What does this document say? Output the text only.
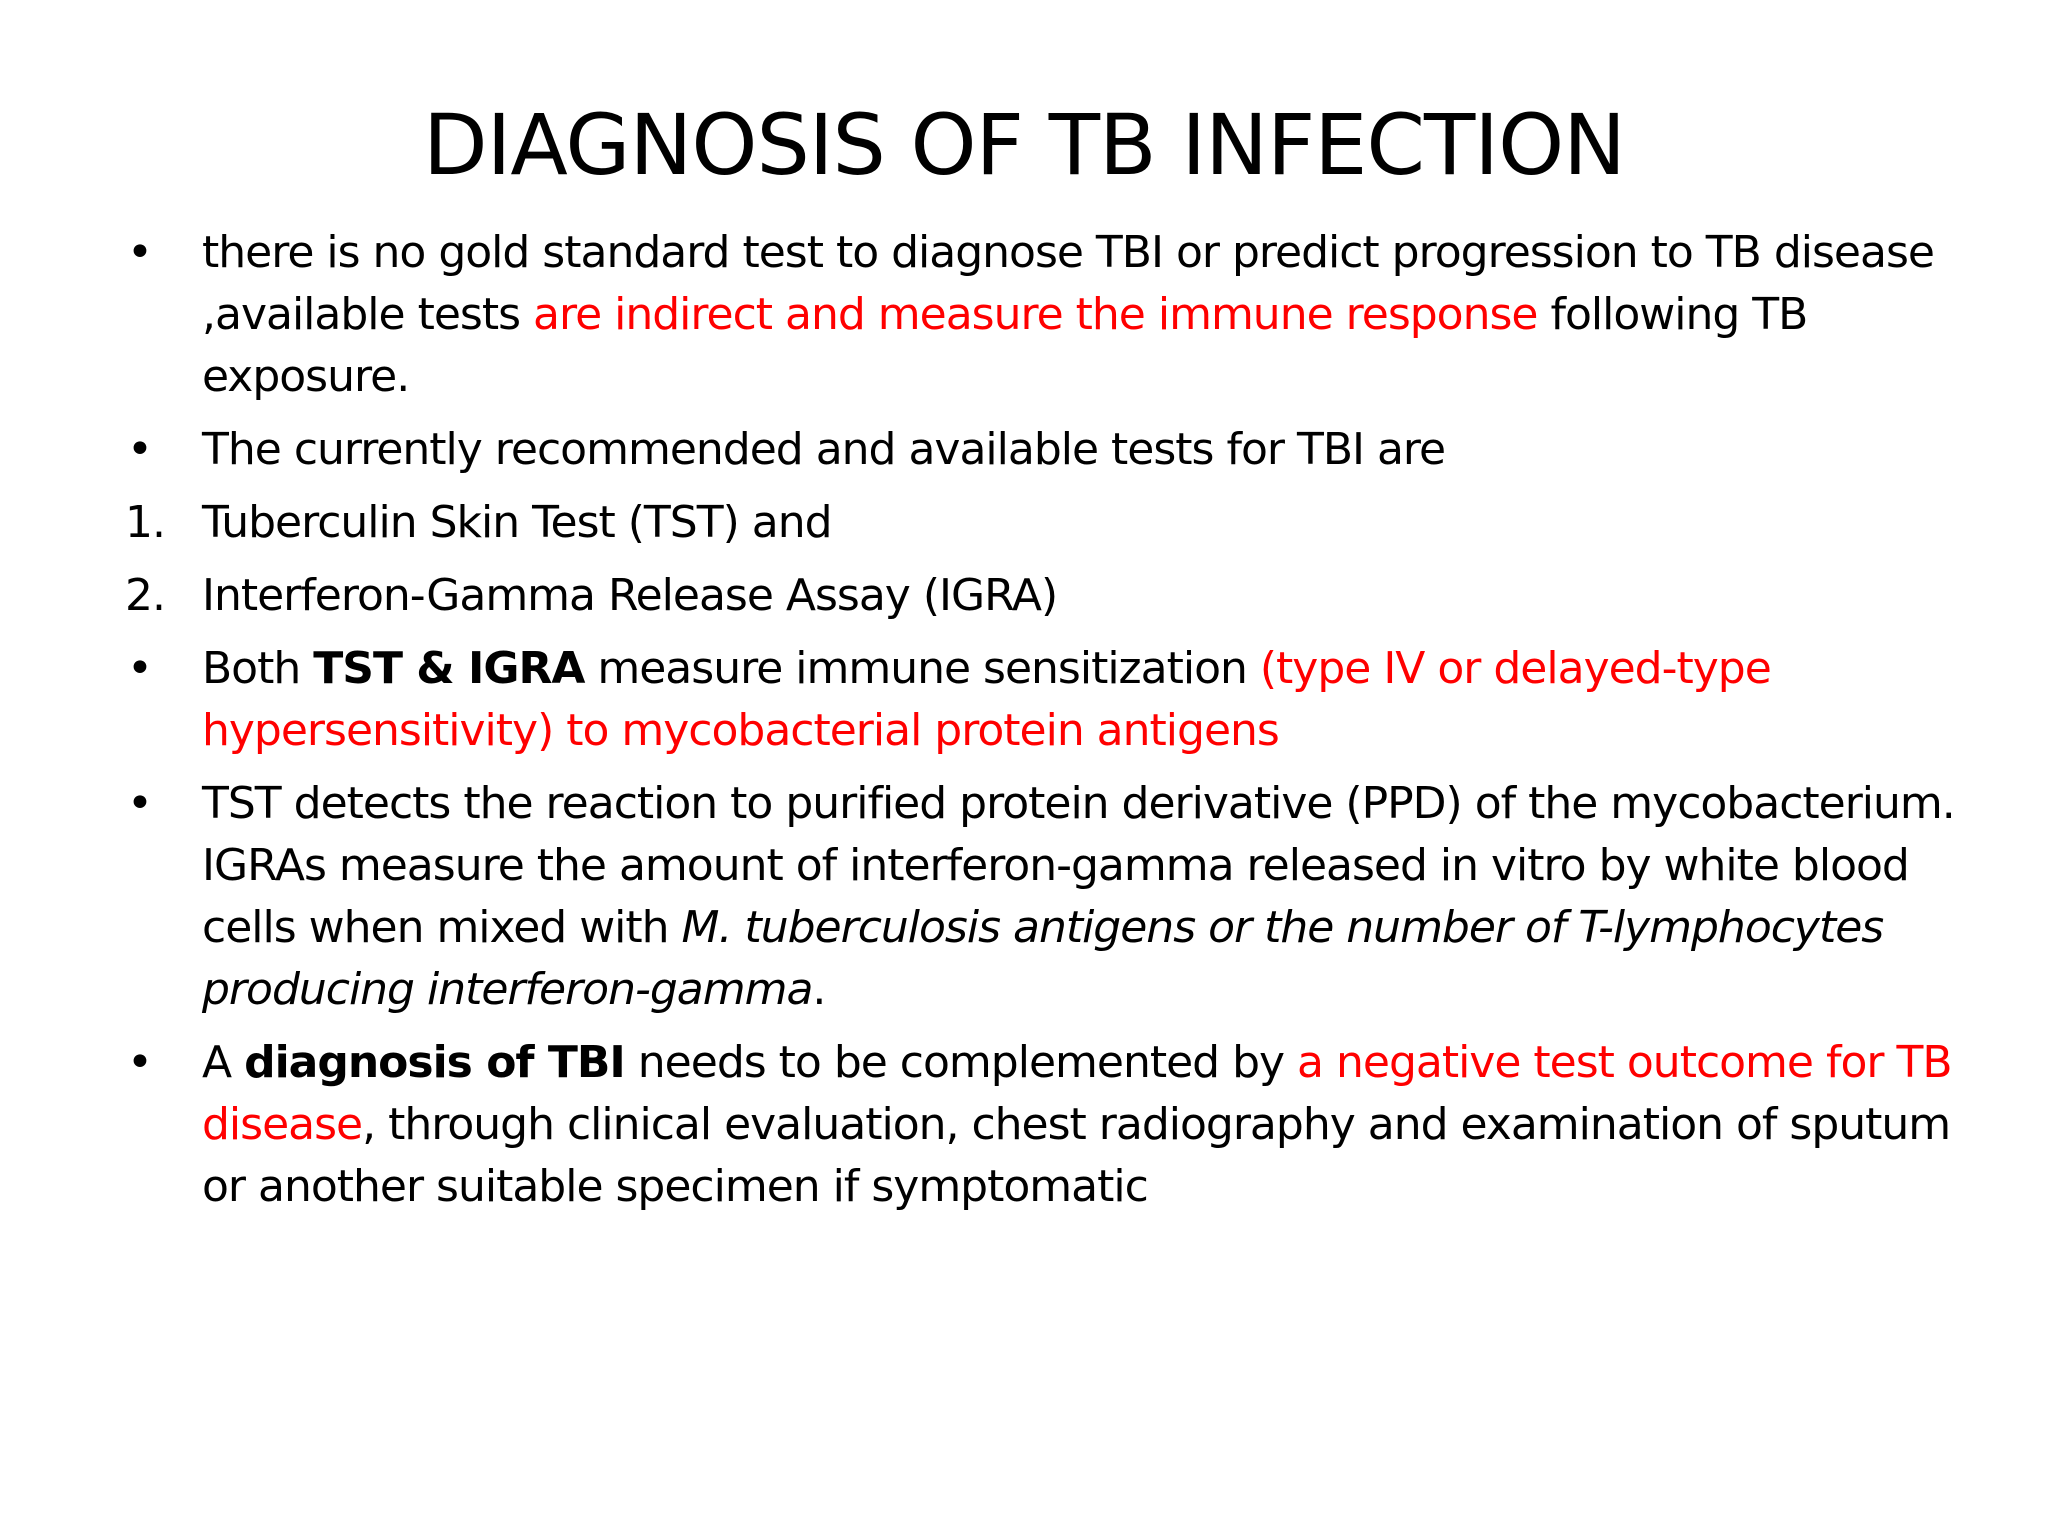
DIAGNOSIS OF TB INFECTION
•	there is no gold standard test to diagnose TBI or predict progression to TB disease ,available tests are indirect and measure the immune response following TB exposure.
•	The currently recommended and available tests for TBI are
1. Tuberculin Skin Test (TST) and
2. Interferon-Gamma Release Assay (IGRA)
•	Both TST & IGRA measure immune sensitization (type IV or delayed-type hypersensitivity) to mycobacterial protein antigens
•	TST detects the reaction to purified protein derivative (PPD) of the mycobacterium. IGRAs measure the amount of interferon-gamma released in vitro by white blood cells when mixed with M. tuberculosis antigens or the number of T-lymphocytes producing interferon-gamma.
•	A diagnosis of TBI needs to be complemented by a negative test outcome for TB disease, through clinical evaluation, chest radiography and examination of sputum or another suitable specimen if symptomatic
